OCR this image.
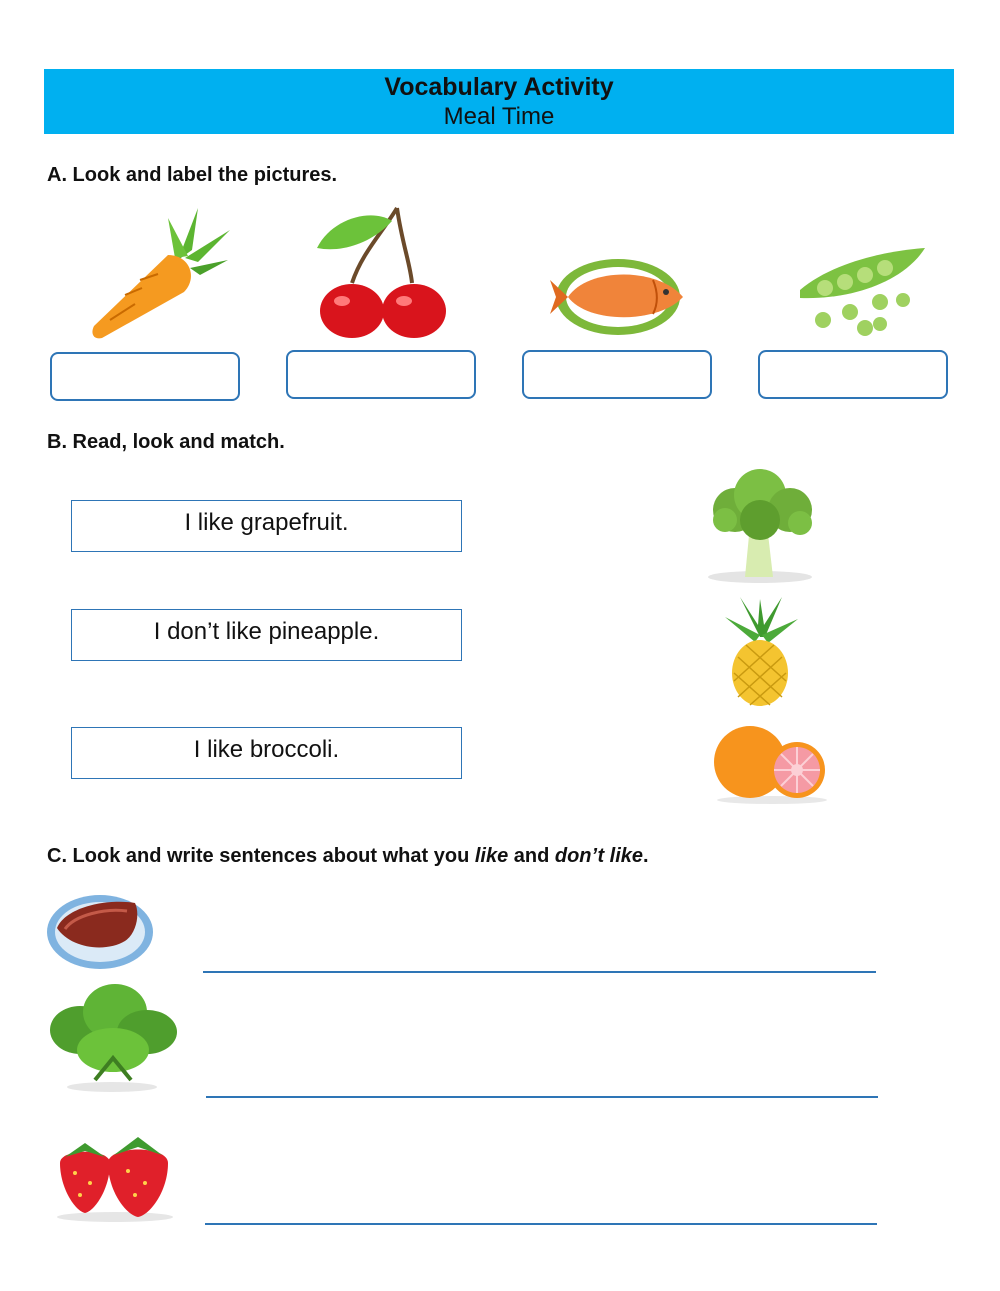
Vocabulary Activity
Meal Time
A. Look and label the pictures.
B. Read, look and match.
I like grapefruit.
I don’t like pineapple.
I like broccoli.
C. Look and write sentences about what you like and don’t like.
